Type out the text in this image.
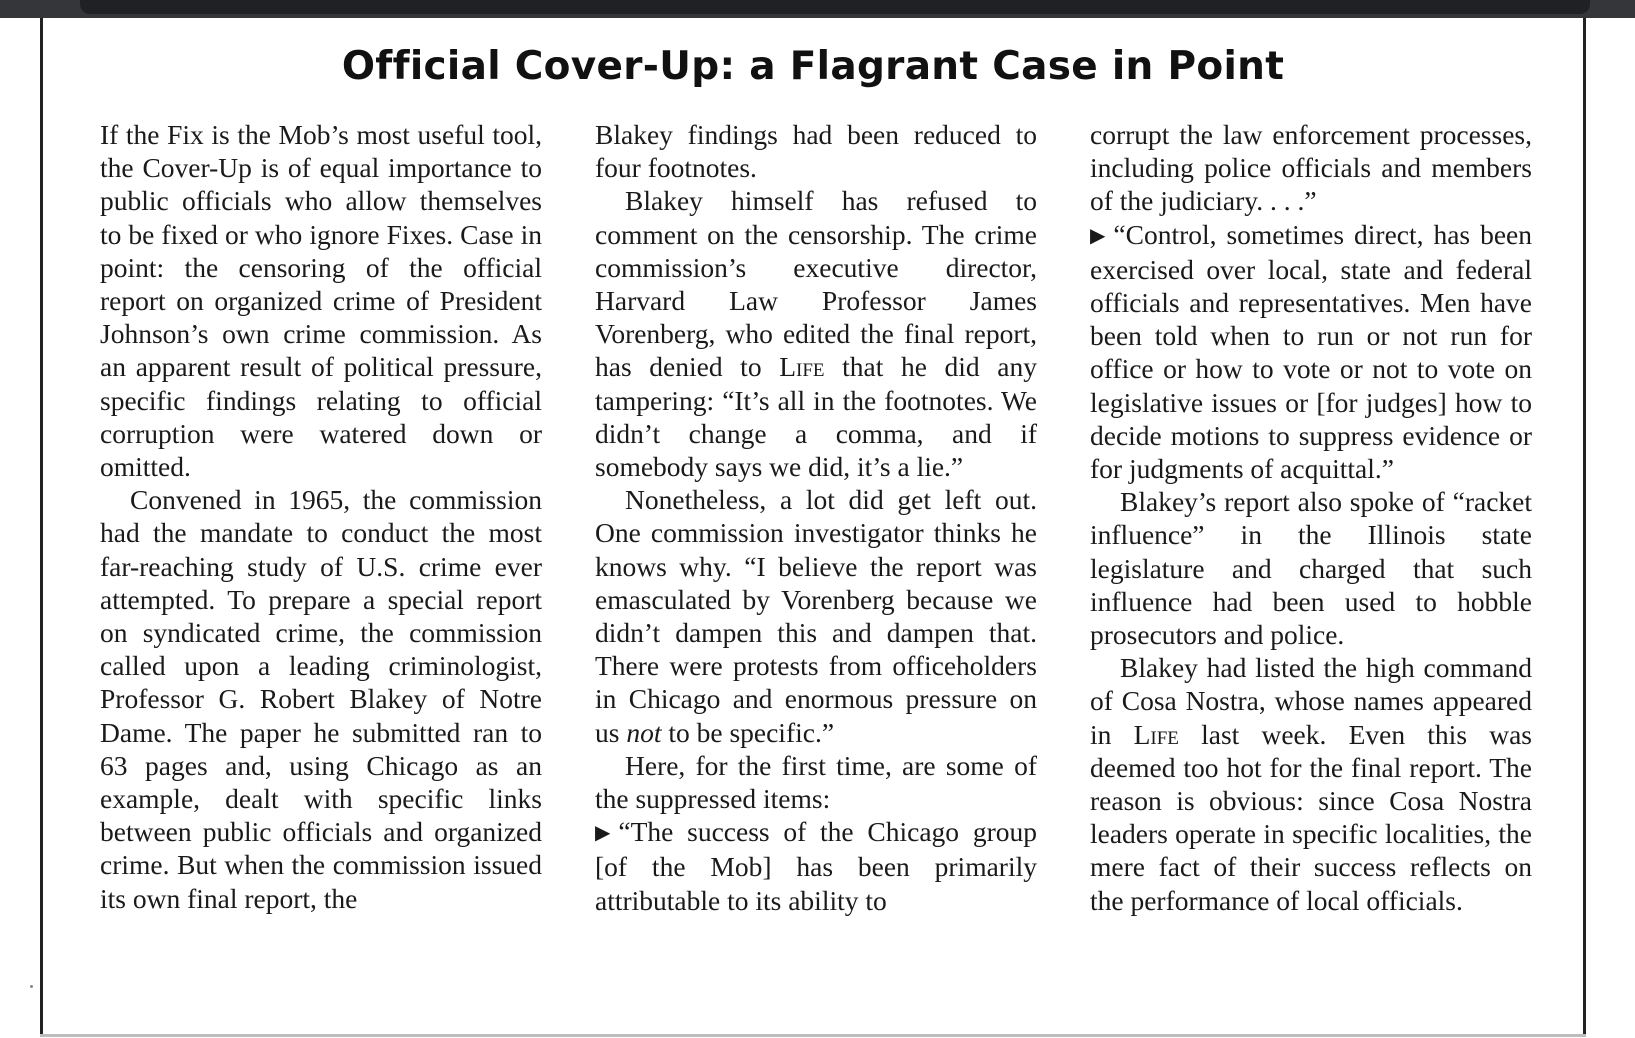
Official Cover-Up: a Flagrant Case in Point

If the Fix is the Mob’s most useful tool, the Cover-Up is of equal importance to public officials who allow themselves to be fixed or who ignore Fixes. Case in point: the censoring of the official report on organized crime of President Johnson’s own crime commission. As an apparent result of political pressure, specific findings relating to official corruption were watered down or omitted.

Convened in 1965, the commission had the mandate to conduct the most far-reaching study of U.S. crime ever attempted. To prepare a special report on syndicated crime, the commission called upon a leading criminologist, Professor G. Robert Blakey of Notre Dame. The paper he submitted ran to 63 pages and, using Chicago as an example, dealt with specific links between public officials and organized crime. But when the commission issued its own final report, the

Blakey findings had been reduced to four footnotes.

Blakey himself has refused to comment on the censorship. The crime commission’s executive director, Harvard Law Professor James Vorenberg, who edited the final report, has denied to Life that he did any tampering: “It’s all in the footnotes. We didn’t change a comma, and if somebody says we did, it’s a lie.”

Nonetheless, a lot did get left out. One commission investigator thinks he knows why. “I believe the report was emasculated by Vorenberg because we didn’t dampen this and dampen that. There were protests from officeholders in Chicago and enormous pressure on us not to be specific.”

Here, for the first time, are some of the suppressed items:

▶ “The success of the Chicago group [of the Mob] has been primarily attributable to its ability to

corrupt the law enforcement processes, including police officials and members of the judiciary. . . .”

▶ “Control, sometimes direct, has been exercised over local, state and federal officials and representatives. Men have been told when to run or not run for office or how to vote or not to vote on legislative issues or [for judges] how to decide motions to suppress evidence or for judgments of acquittal.”

Blakey’s report also spoke of “racket influence” in the Illinois state legislature and charged that such influence had been used to hobble prosecutors and police.

Blakey had listed the high command of Cosa Nostra, whose names appeared in Life last week. Even this was deemed too hot for the final report. The reason is obvious: since Cosa Nostra leaders operate in specific localities, the mere fact of their success reflects on the performance of local officials.
